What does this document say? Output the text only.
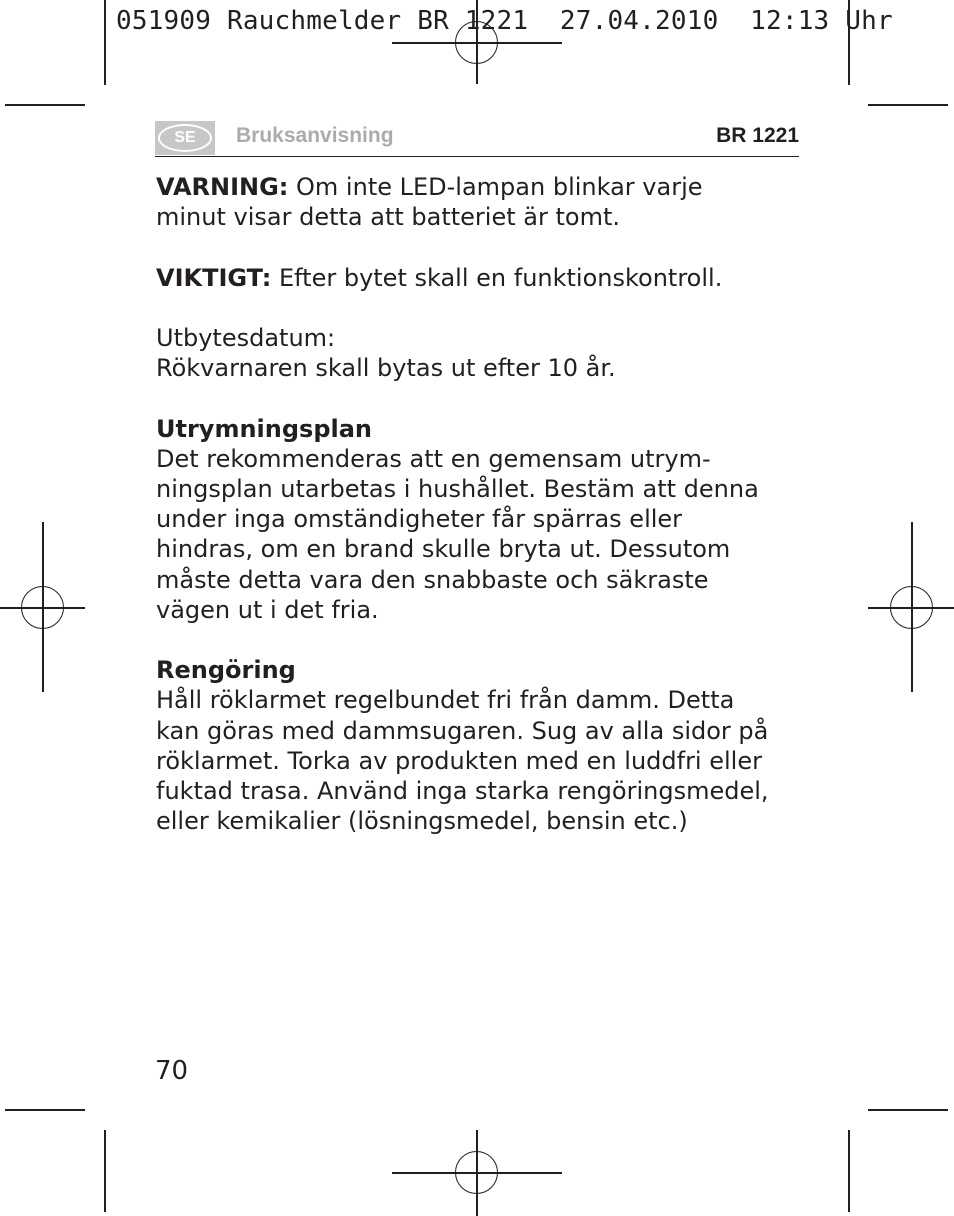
051909 Rauchmelder BR 1221  27.04.2010  12:13 Uhr
SE	Bruksanvisning	BR 1221

VARNING: Om inte LED-lampan blinkar varje
minut visar detta att batteriet är tomt.

VIKTIGT: Efter bytet skall en funktionskontroll.

Utbytesdatum:
Rökvarnaren skall bytas ut efter 10 år.

Utrymningsplan
Det rekommenderas att en gemensam utrym-
ningsplan utarbetas i hushållet. Bestäm att denna
under inga omständigheter får spärras eller
hindras, om en brand skulle bryta ut. Dessutom
måste detta vara den snabbaste och säkraste
vägen ut i det fria.

Rengöring
Håll röklarmet regelbundet fri från damm. Detta
kan göras med dammsugaren. Sug av alla sidor på
röklarmet. Torka av produkten med en luddfri eller
fuktad trasa. Använd inga starka rengöringsmedel,
eller kemikalier (lösningsmedel, bensin etc.)

70
